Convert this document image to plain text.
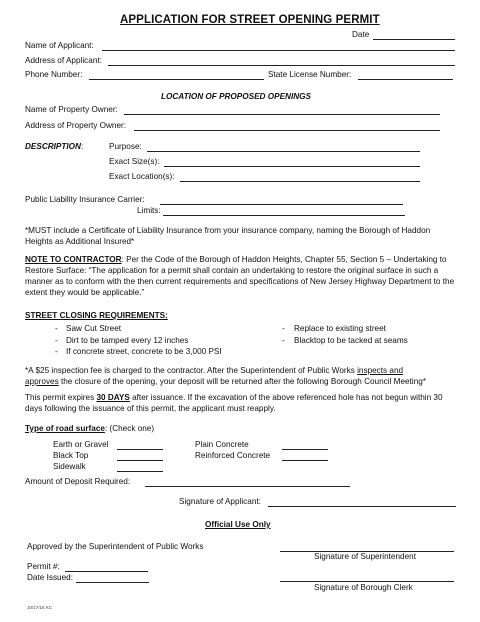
APPLICATION FOR STREET OPENING PERMIT
Date
Name of Applicant:
Address of Applicant:
Phone Number:	State License Number:
LOCATION OF PROPOSED OPENINGS
Name of Property Owner:
Address of Property Owner:
DESCRIPTION:	Purpose:
Exact Size(s):
Exact Location(s):
Public Liability Insurance Carrier:
Limits:
*MUST include a Certificate of Liability Insurance from your insurance company, naming the Borough of Haddon Heights as Additional Insured*
NOTE TO CONTRACTOR: Per the Code of the Borough of Haddon Heights, Chapter 55, Section 5 – Undertaking to Restore Surface: “The application for a permit shall contain an undertaking to restore the original surface in such a manner as to conform with the then current requirements and specifications of New Jersey Highway Department to the extent they would be applicable.”
STREET CLOSING REQUIREMENTS:
- Saw Cut Street
- Dirt to be tamped every 12 inches
- If concrete street, concrete to be 3,000 PSI
- Replace to existing street
- Blacktop to be tacked at seams
*A $25 inspection fee is charged to the contractor. After the Superintendent of Public Works inspects and
approves the closure of the opening, your deposit will be returned after the following Borough Council Meeting*
This permit expires 30 DAYS after issuance. If the excavation of the above referenced hole has not begun within 30 days following the issuance of this permit, the applicant must reapply.
Type of road surface: (Check one)
Earth or Gravel
Black Top
Sidewalk
Plain Concrete
Reinforced Concrete
Amount of Deposit Required:
Signature of Applicant:
Official Use Only
Approved by the Superintendent of Public Works
Signature of Superintendent
Permit #:
Date Issued:
Signature of Borough Clerk
10/17/16 KC
